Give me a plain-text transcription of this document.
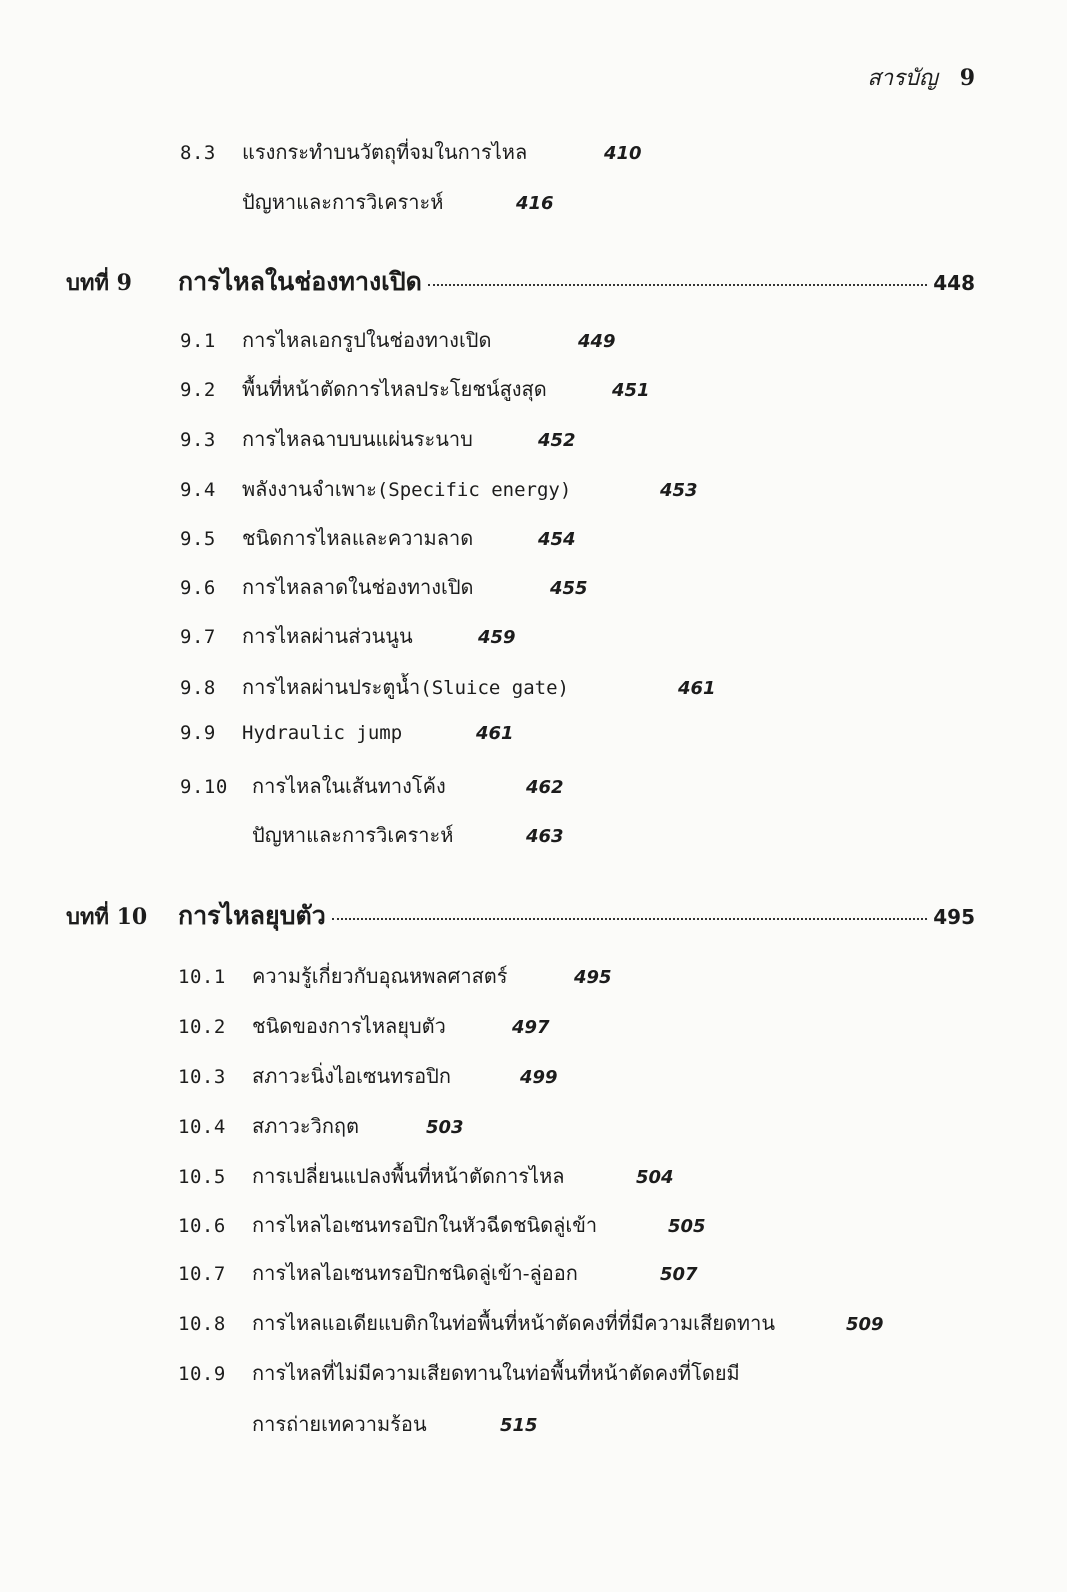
สารบัญ 9
8.3	แรงกระทำบนวัตถุที่จมในการไหล	410
ปัญหาและการวิเคราะห์	416
บทที่ 9	การไหลในช่องทางเปิด	448
9.1	การไหลเอกรูปในช่องทางเปิด	449
9.2	พื้นที่หน้าตัดการไหลประโยชน์สูงสุด	451
9.3	การไหลฉาบบนแผ่นระนาบ	452
9.4	พลังงานจำเพาะ(Specific energy)	453
9.5	ชนิดการไหลและความลาด	454
9.6	การไหลลาดในช่องทางเปิด	455
9.7	การไหลผ่านส่วนนูน	459
9.8	การไหลผ่านประตูน้ำ(Sluice gate)	461
9.9	Hydraulic jump	461
9.10	การไหลในเส้นทางโค้ง	462
ปัญหาและการวิเคราะห์	463
บทที่ 10	การไหลยุบตัว	495
10.1	ความรู้เกี่ยวกับอุณหพลศาสตร์	495
10.2	ชนิดของการไหลยุบตัว	497
10.3	สภาวะนิ่งไอเซนทรอปิก	499
10.4	สภาวะวิกฤต	503
10.5	การเปลี่ยนแปลงพื้นที่หน้าตัดการไหล	504
10.6	การไหลไอเซนทรอปิกในหัวฉีดชนิดลู่เข้า	505
10.7	การไหลไอเซนทรอปิกชนิดลู่เข้า-ลู่ออก	507
10.8	การไหลแอเดียแบติกในท่อพื้นที่หน้าตัดคงที่ที่มีความเสียดทาน	509
10.9	การไหลที่ไม่มีความเสียดทานในท่อพื้นที่หน้าตัดคงที่โดยมี
การถ่ายเทความร้อน	515
